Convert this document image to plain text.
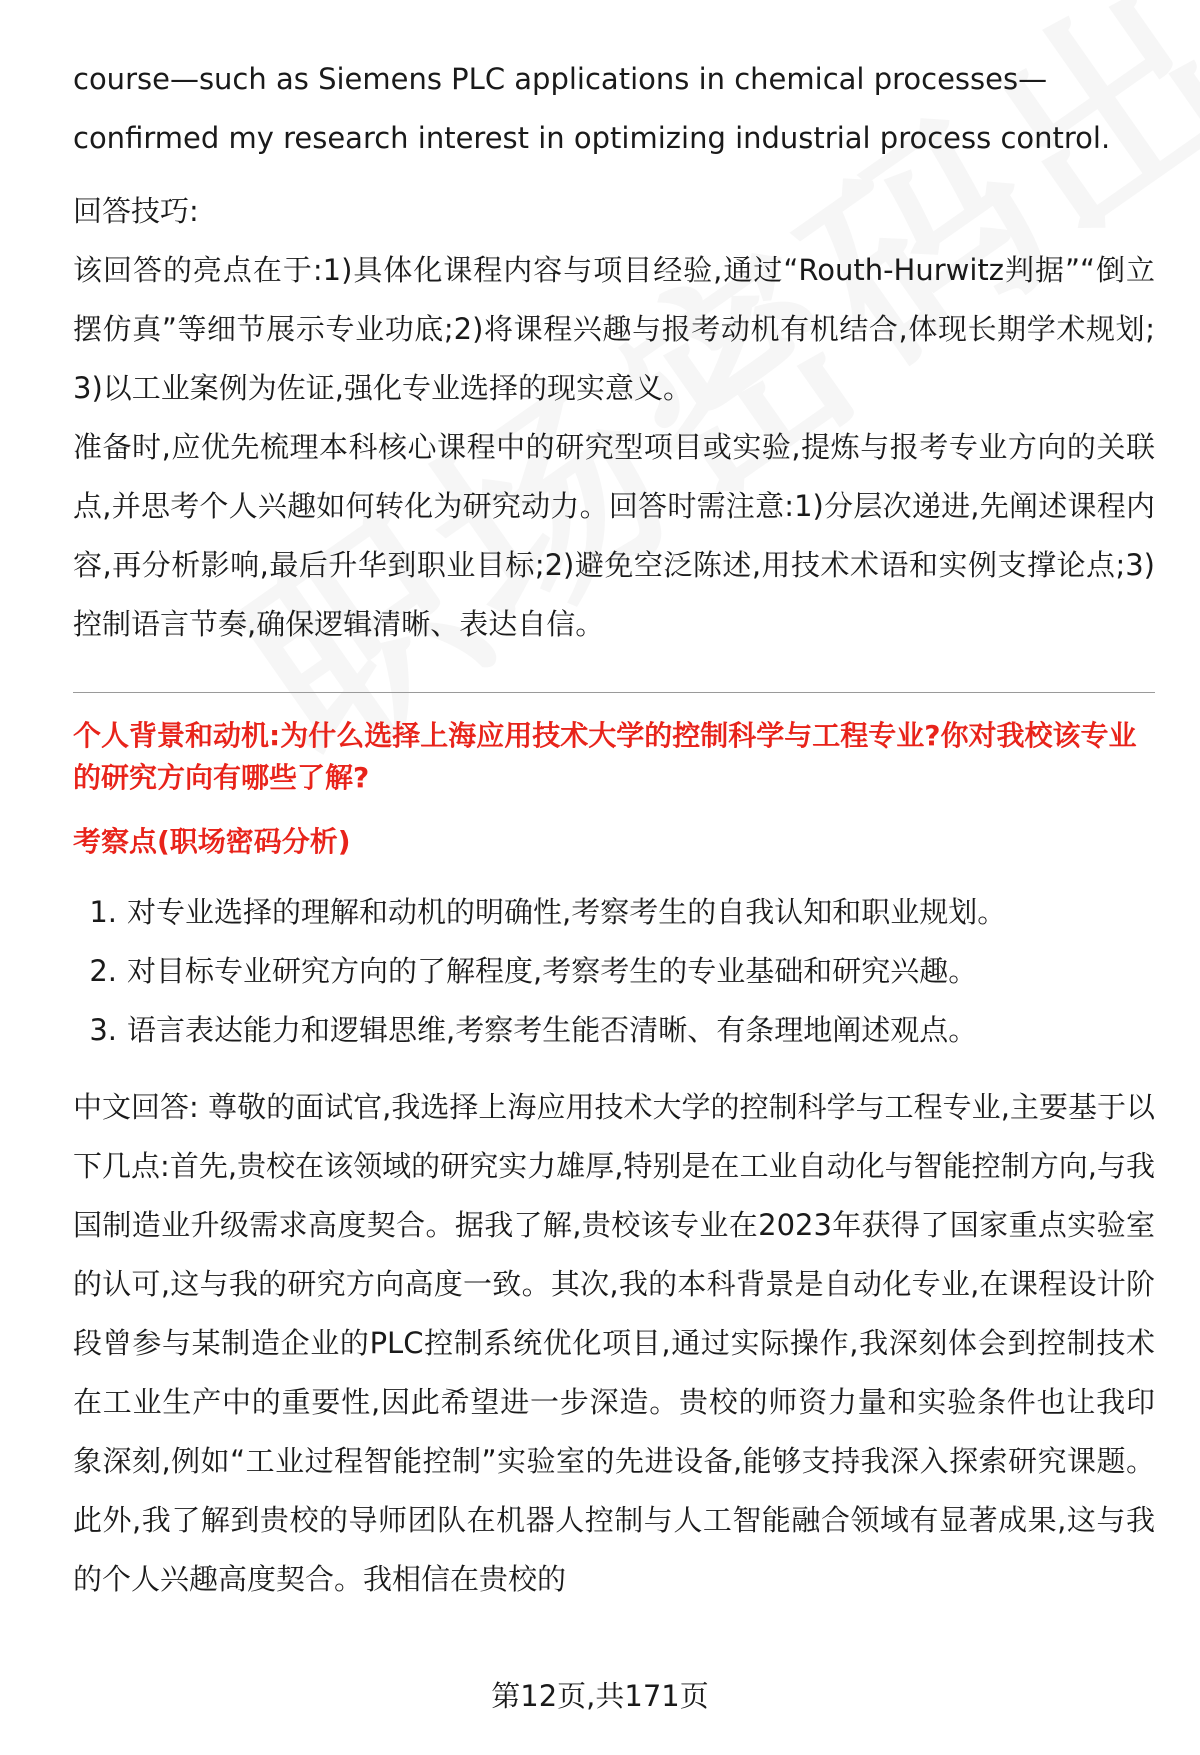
course—such as Siemens PLC applications in chemical processes—

confirmed my research interest in optimizing industrial process control.

回答技巧:

该回答的亮点在于:1)具体化课程内容与项目经验,通过“Routh-Hurwitz判据”“倒立摆仿真”等细节展示专业功底;2)将课程兴趣与报考动机有机结合,体现长期学术规划;3)以工业案例为佐证,强化专业选择的现实意义。

准备时,应优先梳理本科核心课程中的研究型项目或实验,提炼与报考专业方向的关联点,并思考个人兴趣如何转化为研究动力。回答时需注意:1)分层次递进,先阐述课程内容,再分析影响,最后升华到职业目标;2)避免空泛陈述,用技术术语和实例支撑论点;3)控制语言节奏,确保逻辑清晰、表达自信。

个人背景和动机:为什么选择上海应用技术大学的控制科学与工程专业?你对我校该专业的研究方向有哪些了解?

考察点(职场密码分析)

1. 对专业选择的理解和动机的明确性,考察考生的自我认知和职业规划。
2. 对目标专业研究方向的了解程度,考察考生的专业基础和研究兴趣。
3. 语言表达能力和逻辑思维,考察考生能否清晰、有条理地阐述观点。

中文回答: 尊敬的面试官,我选择上海应用技术大学的控制科学与工程专业,主要基于以下几点:首先,贵校在该领域的研究实力雄厚,特别是在工业自动化与智能控制方向,与我国制造业升级需求高度契合。据我了解,贵校该专业在2023年获得了国家重点实验室的认可,这与我的研究方向高度一致。其次,我的本科背景是自动化专业,在课程设计阶段曾参与某制造企业的PLC控制系统优化项目,通过实际操作,我深刻体会到控制技术在工业生产中的重要性,因此希望进一步深造。贵校的师资力量和实验条件也让我印象深刻,例如“工业过程智能控制”实验室的先进设备,能够支持我深入探索研究课题。此外,我了解到贵校的导师团队在机器人控制与人工智能融合领域有显著成果,这与我的个人兴趣高度契合。我相信在贵校的

第12页,共171页
